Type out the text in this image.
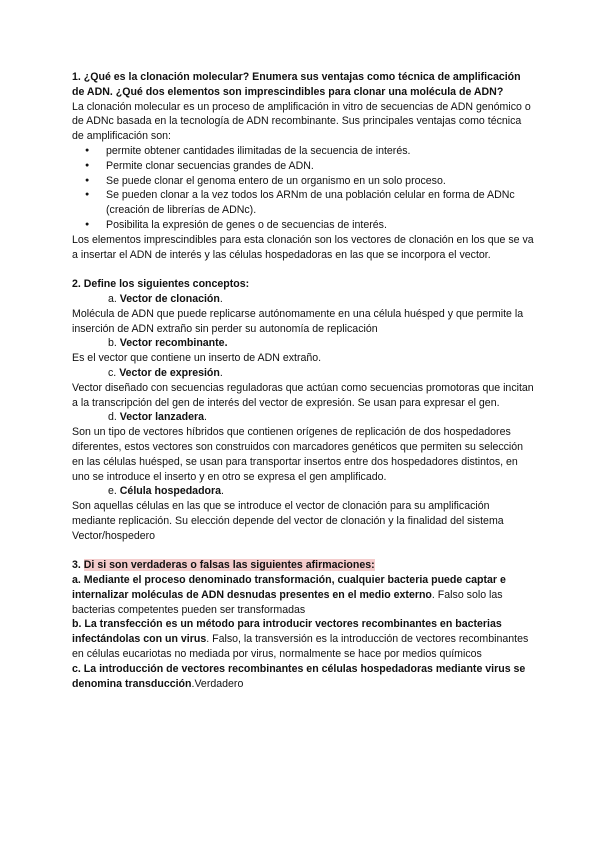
1. ¿Qué es la clonación molecular? Enumera sus ventajas como técnica de amplificación de ADN. ¿Qué dos elementos son imprescindibles para clonar una molécula de ADN?

La clonación molecular es un proceso de amplificación in vitro de secuencias de ADN genómico o de ADNc basada en la tecnología de ADN recombinante. Sus principales ventajas como técnica de amplificación son:

● permite obtener cantidades ilimitadas de la secuencia de interés.
● Permite clonar secuencias grandes de ADN.
● Se puede clonar el genoma entero de un organismo en un solo proceso.
● Se pueden clonar a la vez todos los ARNm de una población celular en forma de ADNc (creación de librerías de ADNc).
● Posibilita la expresión de genes o de secuencias de interés.

Los elementos imprescindibles para esta clonación son los vectores de clonación en los que se va a insertar el ADN de interés y las células hospedadoras en las que se incorpora el vector.

2. Define los siguientes conceptos:

a. Vector de clonación.

Molécula de ADN que puede replicarse autónomamente en una célula huésped y que permite la inserción de ADN extraño sin perder su autonomía de replicación

b. Vector recombinante.

Es el vector que contiene un inserto de ADN extraño.

c. Vector de expresión.

Vector diseñado con secuencias reguladoras que actúan como secuencias promotoras que incitan a la transcripción del gen de interés del vector de expresión. Se usan para expresar el gen.

d. Vector lanzadera.

Son un tipo de vectores híbridos que contienen orígenes de replicación de dos hospedadores diferentes, estos vectores son construidos con marcadores genéticos que permiten su selección en las células huésped, se usan para transportar insertos entre dos hospedadores distintos, en uno se introduce el inserto y en otro se expresa el gen amplificado.

e. Célula hospedadora.

Son aquellas células en las que se introduce el vector de clonación para su amplificación mediante replicación. Su elección depende del vector de clonación y la finalidad del sistema Vector/hospedero

3. Di si son verdaderas o falsas las siguientes afirmaciones:

a. Mediante el proceso denominado transformación, cualquier bacteria puede captar e internalizar moléculas de ADN desnudas presentes en el medio externo. Falso solo las bacterias competentes pueden ser transformadas

b. La transfección es un método para introducir vectores recombinantes en bacterias infectándolas con un virus. Falso, la transversión es la introducción de vectores recombinantes en células eucariotas no mediada por virus, normalmente se hace por medios químicos

c. La introducción de vectores recombinantes en células hospedadoras mediante virus se denomina transducción.Verdadero
